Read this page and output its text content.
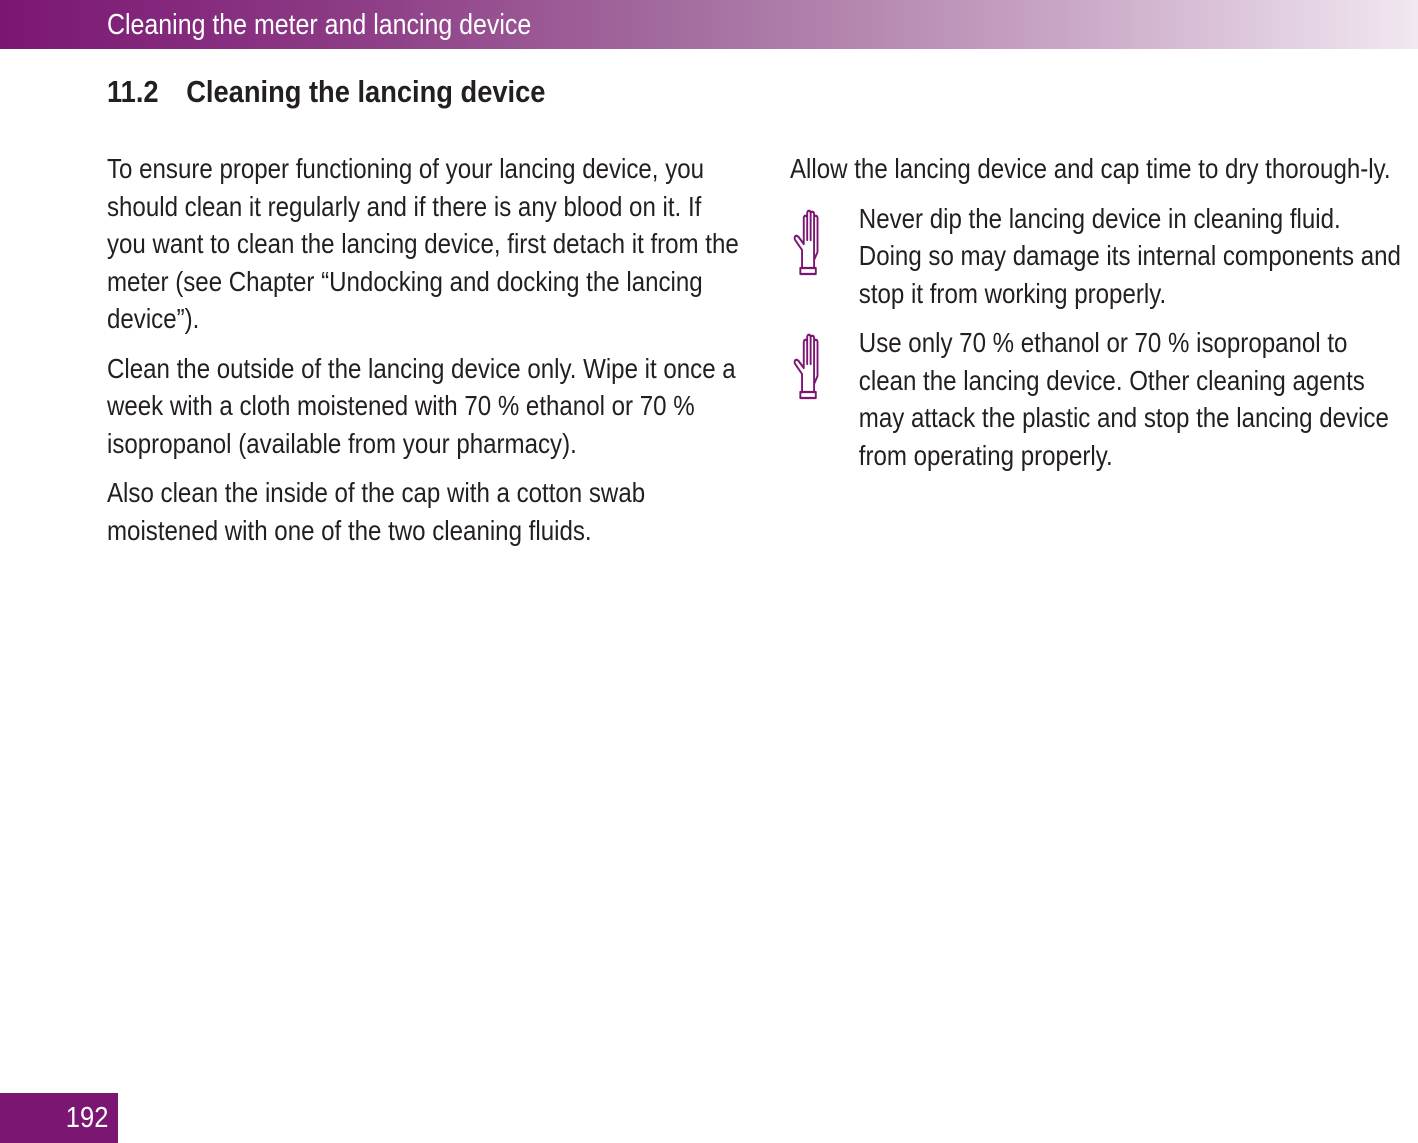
Cleaning the meter and lancing device
11.2 Cleaning the lancing device

To ensure proper functioning of your lancing device, you should clean it regularly and if there is any blood on it. If you want to clean the lancing device, first detach it from the meter (see Chapter “Undocking and docking the lancing device”).

Clean the outside of the lancing device only. Wipe it once a week with a cloth moistened with 70 % ethanol or 70 % isopropanol (available from your pharmacy).

Also clean the inside of the cap with a cotton swab moistened with one of the two cleaning fluids.

Allow the lancing device and cap time to dry thorough-ly.

Never dip the lancing device in cleaning fluid. Doing so may damage its internal components and stop it from working properly.
Use only 70 % ethanol or 70 % isopropanol to clean the lancing device. Other cleaning agents may attack the plastic and stop the lancing device from operating properly.
192
